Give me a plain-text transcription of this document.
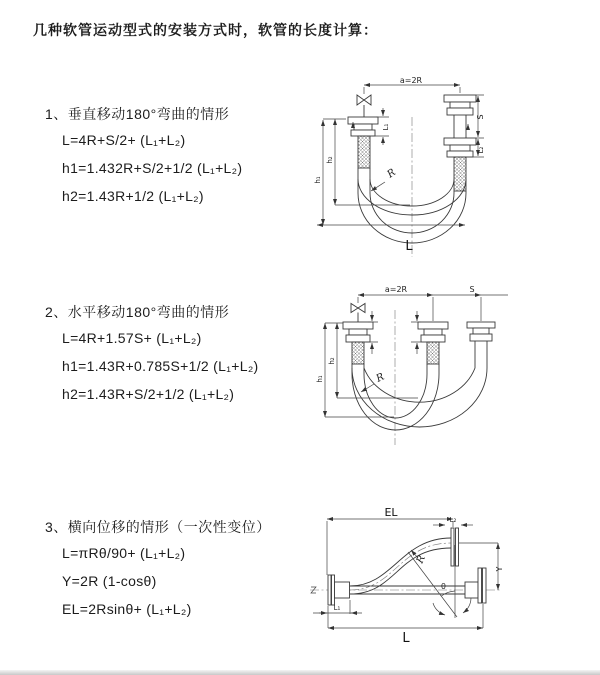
几种软管运动型式的安装方式时，软管的长度计算：
1、垂直移动180°弯曲的情形
L=4R+S/2+ (L₁+L₂)
h1=1.432R+S/2+1/2 (L₁+L₂)
h2=1.43R+1/2 (L₁+L₂)
2、水平移动180°弯曲的情形
L=4R+1.57S+ (L₁+L₂)
h1=1.43R+0.785S+1/2 (L₁+L₂)
h2=1.43R+S/2+1/2 (L₁+L₂)
3、横向位移的情形（一次性变位）
L=πRθ/90+ (L₁+L₂)
Y=2R (1-cosθ)
EL=2Rsinθ+ (L₁+L₂)
a=2R
S
L₂
L₁
h₁
h₂
R
L
a=2R	S
h₁
h₂
R
EL
L₂
Y
R
θ
L
L₁
